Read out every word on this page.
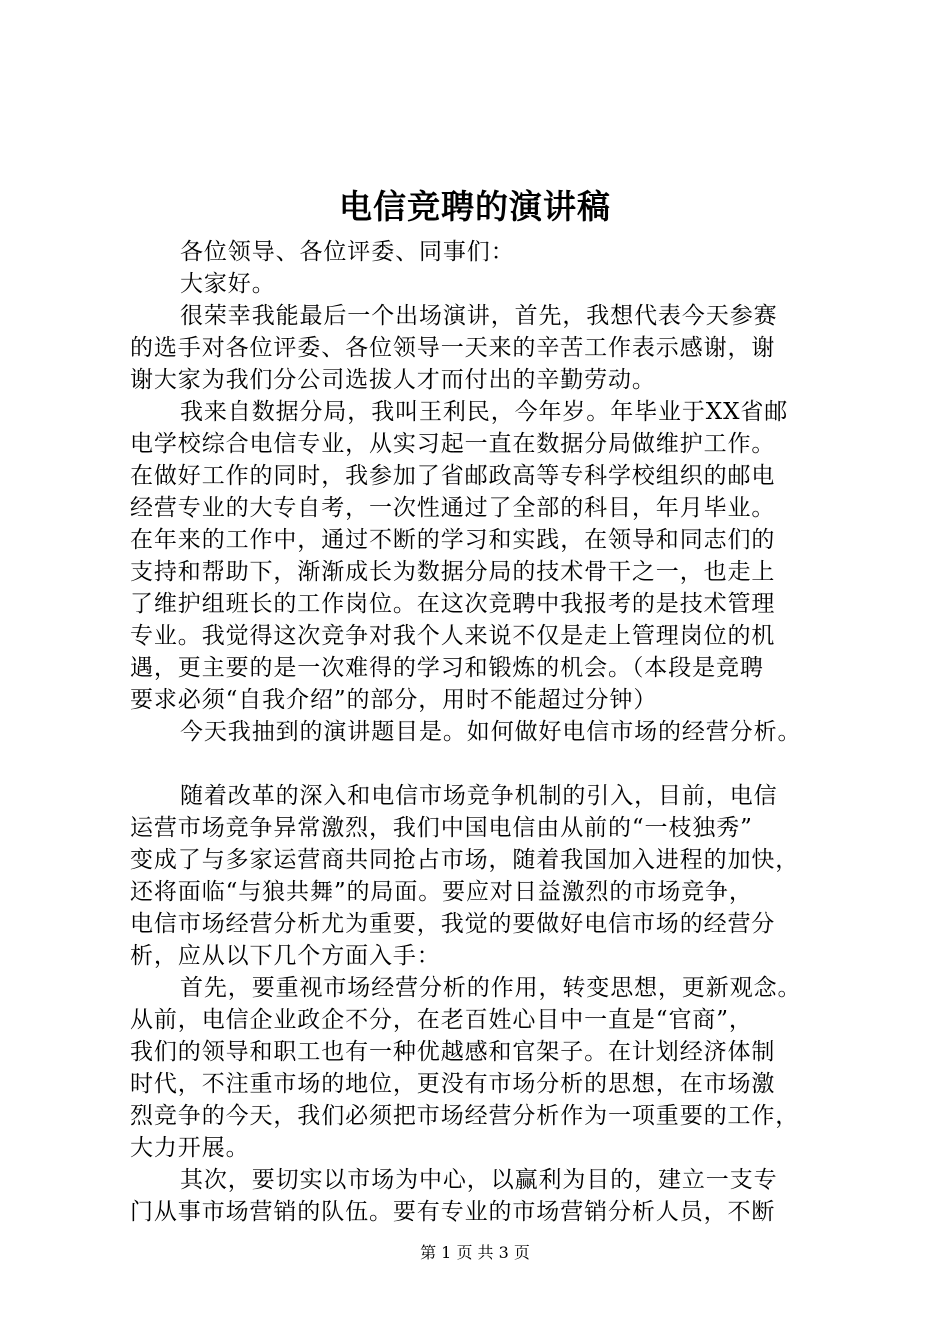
电信竞聘的演讲稿
各位领导、各位评委、同事们：
大家好。
很荣幸我能最后一个出场演讲，首先，我想代表今天参赛
的选手对各位评委、各位领导一天来的辛苦工作表示感谢，谢
谢大家为我们分公司选拔人才而付出的辛勤劳动。
我来自数据分局，我叫王利民，今年岁。年毕业于XX省邮
电学校综合电信专业，从实习起一直在数据分局做维护工作。
在做好工作的同时，我参加了省邮政高等专科学校组织的邮电
经营专业的大专自考，一次性通过了全部的科目，年月毕业。
在年来的工作中，通过不断的学习和实践，在领导和同志们的
支持和帮助下，渐渐成长为数据分局的技术骨干之一，也走上
了维护组班长的工作岗位。在这次竞聘中我报考的是技术管理
专业。我觉得这次竞争对我个人来说不仅是走上管理岗位的机
遇，更主要的是一次难得的学习和锻炼的机会。（本段是竞聘
要求必须“自我介绍”的部分，用时不能超过分钟）
今天我抽到的演讲题目是。如何做好电信市场的经营分析。
随着改革的深入和电信市场竞争机制的引入，目前，电信
运营市场竞争异常激烈，我们中国电信由从前的“一枝独秀”
变成了与多家运营商共同抢占市场，随着我国加入进程的加快，
还将面临“与狼共舞”的局面。要应对日益激烈的市场竞争，
电信市场经营分析尤为重要，我觉的要做好电信市场的经营分
析，应从以下几个方面入手：
首先，要重视市场经营分析的作用，转变思想，更新观念。
从前，电信企业政企不分，在老百姓心目中一直是“官商”，
我们的领导和职工也有一种优越感和官架子。在计划经济体制
时代，不注重市场的地位，更没有市场分析的思想，在市场激
烈竞争的今天，我们必须把市场经营分析作为一项重要的工作，
大力开展。
其次，要切实以市场为中心，以赢利为目的，建立一支专
门从事市场营销的队伍。要有专业的市场营销分析人员，不断
第 1 页 共 3 页
